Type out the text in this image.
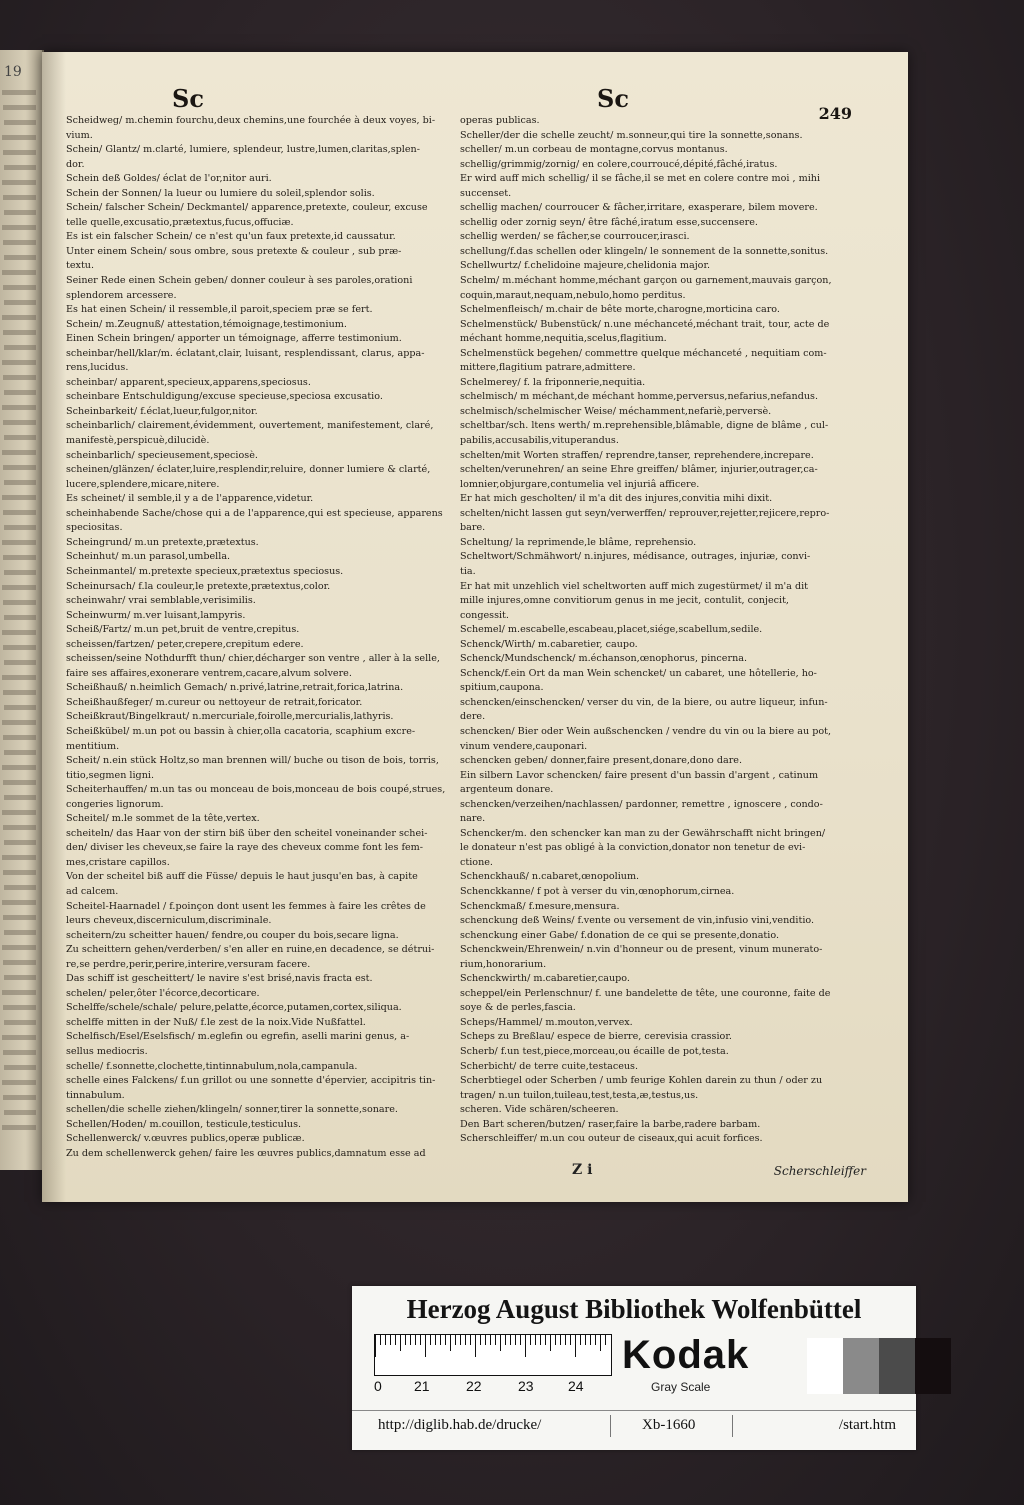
19
Sc	Sc
249

Scheidweg/ m.chemin fourchu,deux chemins,une fourchée à deux voyes, bi-

vium.

Schein/ Glantz/ m.clarté, lumiere, splendeur, lustre,lumen,claritas,splen-

dor.

Schein deß Goldes/ éclat de l'or,nitor auri.

Schein der Sonnen/ la lueur ou lumiere du soleil,splendor solis.

Schein/ falscher Schein/ Deckmantel/ apparence,pretexte, couleur, excuse

telle quelle,excusatio,prætextus,fucus,offuciæ.

Es ist ein falscher Schein/ ce n'est qu'un faux pretexte,id caussatur.

Unter einem Schein/ sous ombre, sous pretexte & couleur , sub præ-

textu.

Seiner Rede einen Schein geben/ donner couleur à ses paroles,orationi

splendorem arcessere.

Es hat einen Schein/ il ressemble,il paroit,speciem præ se fert.

Schein/ m.Zeugnuß/ attestation,témoignage,testimonium.

Einen Schein bringen/ apporter un témoignage, afferre testimonium.

scheinbar/hell/klar/m. éclatant,clair, luisant, resplendissant, clarus, appa-

rens,lucidus.

scheinbar/ apparent,specieux,apparens,speciosus.

scheinbare Entschuldigung/excuse specieuse,speciosa excusatio.

Scheinbarkeit/ f.éclat,lueur,fulgor,nitor.

scheinbarlich/ clairement,évidemment, ouvertement, manifestement, claré,

manifestè,perspicuè,dilucidè.

scheinbarlich/ specieusement,speciosè.

scheinen/glänzen/ éclater,luire,resplendir,reluire, donner lumiere & clarté,

lucere,splendere,micare,nitere.

Es scheinet/ il semble,il y a de l'apparence,videtur.

scheinhabende Sache/chose qui a de l'apparence,qui est specieuse, apparens

speciositas.

Scheingrund/ m.un pretexte,prætextus.

Scheinhut/ m.un parasol,umbella.

Scheinmantel/ m.pretexte specieux,prætextus speciosus.

Scheinursach/ f.la couleur,le pretexte,prætextus,color.

scheinwahr/ vrai semblable,verisimilis.

Scheinwurm/ m.ver luisant,lampyris.

Scheiß/Fartz/ m.un pet,bruit de ventre,crepitus.

scheissen/fartzen/ peter,crepere,crepitum edere.

scheissen/seine Nothdurfft thun/ chier,décharger son ventre , aller à la selle,

faire ses affaires,exonerare ventrem,cacare,alvum solvere.

Scheißhauß/ n.heimlich Gemach/ n.privé,latrine,retrait,forica,latrina.

Scheißhaußfeger/ m.cureur ou nettoyeur de retrait,foricator.

Scheißkraut/Bingelkraut/ n.mercuriale,foirolle,mercurialis,lathyris.

Scheißkübel/ m.un pot ou bassin à chier,olla cacatoria, scaphium excre-

mentitium.

Scheit/ n.ein stück Holtz,so man brennen will/ buche ou tison de bois, torris,

titio,segmen ligni.

Scheiterhauffen/ m.un tas ou monceau de bois,monceau de bois coupé,strues,

congeries lignorum.

Scheitel/ m.le sommet de la tête,vertex.

scheiteln/ das Haar von der stirn biß über den scheitel voneinander schei-

den/ diviser les cheveux,se faire la raye des cheveux comme font les fem-

mes,cristare capillos.

Von der scheitel biß auff die Füsse/ depuis le haut jusqu'en bas, à capite

ad calcem.

Scheitel-Haarnadel / f.poinçon dont usent les femmes à faire les crêtes de

leurs cheveux,discerniculum,discriminale.

scheitern/zu scheitter hauen/ fendre,ou couper du bois,secare ligna.

Zu scheittern gehen/verderben/ s'en aller en ruine,en decadence, se détrui-

re,se perdre,perir,perire,interire,versuram facere.

Das schiff ist gescheittert/ le navire s'est brisé,navis fracta est.

schelen/ peler,ôter l'écorce,decorticare.

Schelffe/schele/schale/ pelure,pelatte,écorce,putamen,cortex,siliqua.

schelffe mitten in der Nuß/ f.le zest de la noix.Vide Nußfattel.

Schelfisch/Esel/Eselsfisch/ m.eglefin ou egrefin, aselli marini genus, a-

sellus mediocris.

schelle/ f.sonnette,clochette,tintinnabulum,nola,campanula.

schelle eines Falckens/ f.un grillot ou une sonnette d'épervier, accipitris tin-

tinnabulum.

schellen/die schelle ziehen/klingeln/ sonner,tirer la sonnette,sonare.

Schellen/Hoden/ m.couillon, testicule,testiculus.

Schellenwerck/ v.œuvres publics,operæ publicæ.

Zu dem schellenwerck gehen/ faire les œuvres publics,damnatum esse ad

operas publicas.

Scheller/der die schelle zeucht/ m.sonneur,qui tire la sonnette,sonans.

scheller/ m.un corbeau de montagne,corvus montanus.

schellig/grimmig/zornig/ en colere,courroucé,dépité,fâché,iratus.

Er wird auff mich schellig/ il se fâche,il se met en colere contre moi , mihi

succenset.

schellig machen/ courroucer & fâcher,irritare, exasperare, bilem movere.

schellig oder zornig seyn/ être fâché,iratum esse,succensere.

schellig werden/ se fâcher,se courroucer,irasci.

schellung/f.das schellen oder klingeln/ le sonnement de la sonnette,sonitus.

Schellwurtz/ f.chelidoine majeure,chelidonia major.

Schelm/ m.méchant homme,méchant garçon ou garnement,mauvais garçon,

coquin,maraut,nequam,nebulo,homo perditus.

Schelmenfleisch/ m.chair de bête morte,charogne,morticina caro.

Schelmenstück/ Bubenstück/ n.une méchanceté,méchant trait, tour, acte de

méchant homme,nequitia,scelus,flagitium.

Schelmenstück begehen/ commettre quelque méchanceté , nequitiam com-

mittere,flagitium patrare,admittere.

Schelmerey/ f. la friponnerie,nequitia.

schelmisch/ m méchant,de méchant homme,perversus,nefarius,nefandus.

schelmisch/schelmischer Weise/ méchamment,nefariè,perversè.

scheltbar/sch. ltens werth/ m.reprehensible,blâmable, digne de blâme , cul-

pabilis,accusabilis,vituperandus.

schelten/mit Worten straffen/ reprendre,tanser, reprehendere,increpare.

schelten/verunehren/ an seine Ehre greiffen/ blâmer, injurier,outrager,ca-

lomnier,objurgare,contumelia vel injuriâ afficere.

Er hat mich gescholten/ il m'a dit des injures,convitia mihi dixit.

schelten/nicht lassen gut seyn/verwerffen/ reprouver,rejetter,rejicere,repro-

bare.

Scheltung/ la reprimende,le blâme, reprehensio.

Scheltwort/Schmähwort/ n.injures, médisance, outrages, injuriæ, convi-

tia.

Er hat mit unzehlich viel scheltworten auff mich zugestürmet/ il m'a dit

mille injures,omne convitiorum genus in me jecit, contulit, conjecit,

congessit.

Schemel/ m.escabelle,escabeau,placet,siége,scabellum,sedile.

Schenck/Wirth/ m.cabaretier, caupo.

Schenck/Mundschenck/ m.échanson,œnophorus, pincerna.

Schenck/f.ein Ort da man Wein schencket/ un cabaret, une hôtellerie, ho-

spitium,caupona.

schencken/einschencken/ verser du vin, de la biere, ou autre liqueur, infun-

dere.

schencken/ Bier oder Wein außschencken / vendre du vin ou la biere au pot,

vinum vendere,cauponari.

schencken geben/ donner,faire present,donare,dono dare.

Ein silbern Lavor schencken/ faire present d'un bassin d'argent , catinum

argenteum donare.

schencken/verzeihen/nachlassen/ pardonner, remettre , ignoscere , condo-

nare.

Schencker/m. den schencker kan man zu der Gewährschafft nicht bringen/

le donateur n'est pas obligé à la conviction,donator non tenetur de evi-

ctione.

Schenckhauß/ n.cabaret,œnopolium.

Schenckkanne/ f pot à verser du vin,œnophorum,cirnea.

Schenckmaß/ f.mesure,mensura.

schenckung deß Weins/ f.vente ou versement de vin,infusio vini,venditio.

schenckung einer Gabe/ f.donation de ce qui se presente,donatio.

Schenckwein/Ehrenwein/ n.vin d'honneur ou de present, vinum munerato-

rium,honorarium.

Schenckwirth/ m.cabaretier,caupo.

scheppel/ein Perlenschnur/ f. une bandelette de tête, une couronne, faite de

soye & de perles,fascia.

Scheps/Hammel/ m.mouton,vervex.

Scheps zu Breßlau/ espece de bierre, cerevisia crassior.

Scherb/ f.un test,piece,morceau,ou écaille de pot,testa.

Scherbicht/ de terre cuite,testaceus.

Scherbtiegel oder Scherben / umb feurige Kohlen darein zu thun / oder zu

tragen/ n.un tuilon,tuileau,test,testa,æ,testus,us.

scheren. Vide schären/scheeren.

Den Bart scheren/butzen/ raser,faire la barbe,radere barbam.

Scherschleiffer/ m.un cou outeur de ciseaux,qui acuit forfices.

Z i	Scherschleiffer
Herzog August Bibliothek Wolfenbüttel
0 21	22	23 24
Kodak
Gray Scale
http://diglib.hab.de/drucke/	Xb-1660	/start.htm
